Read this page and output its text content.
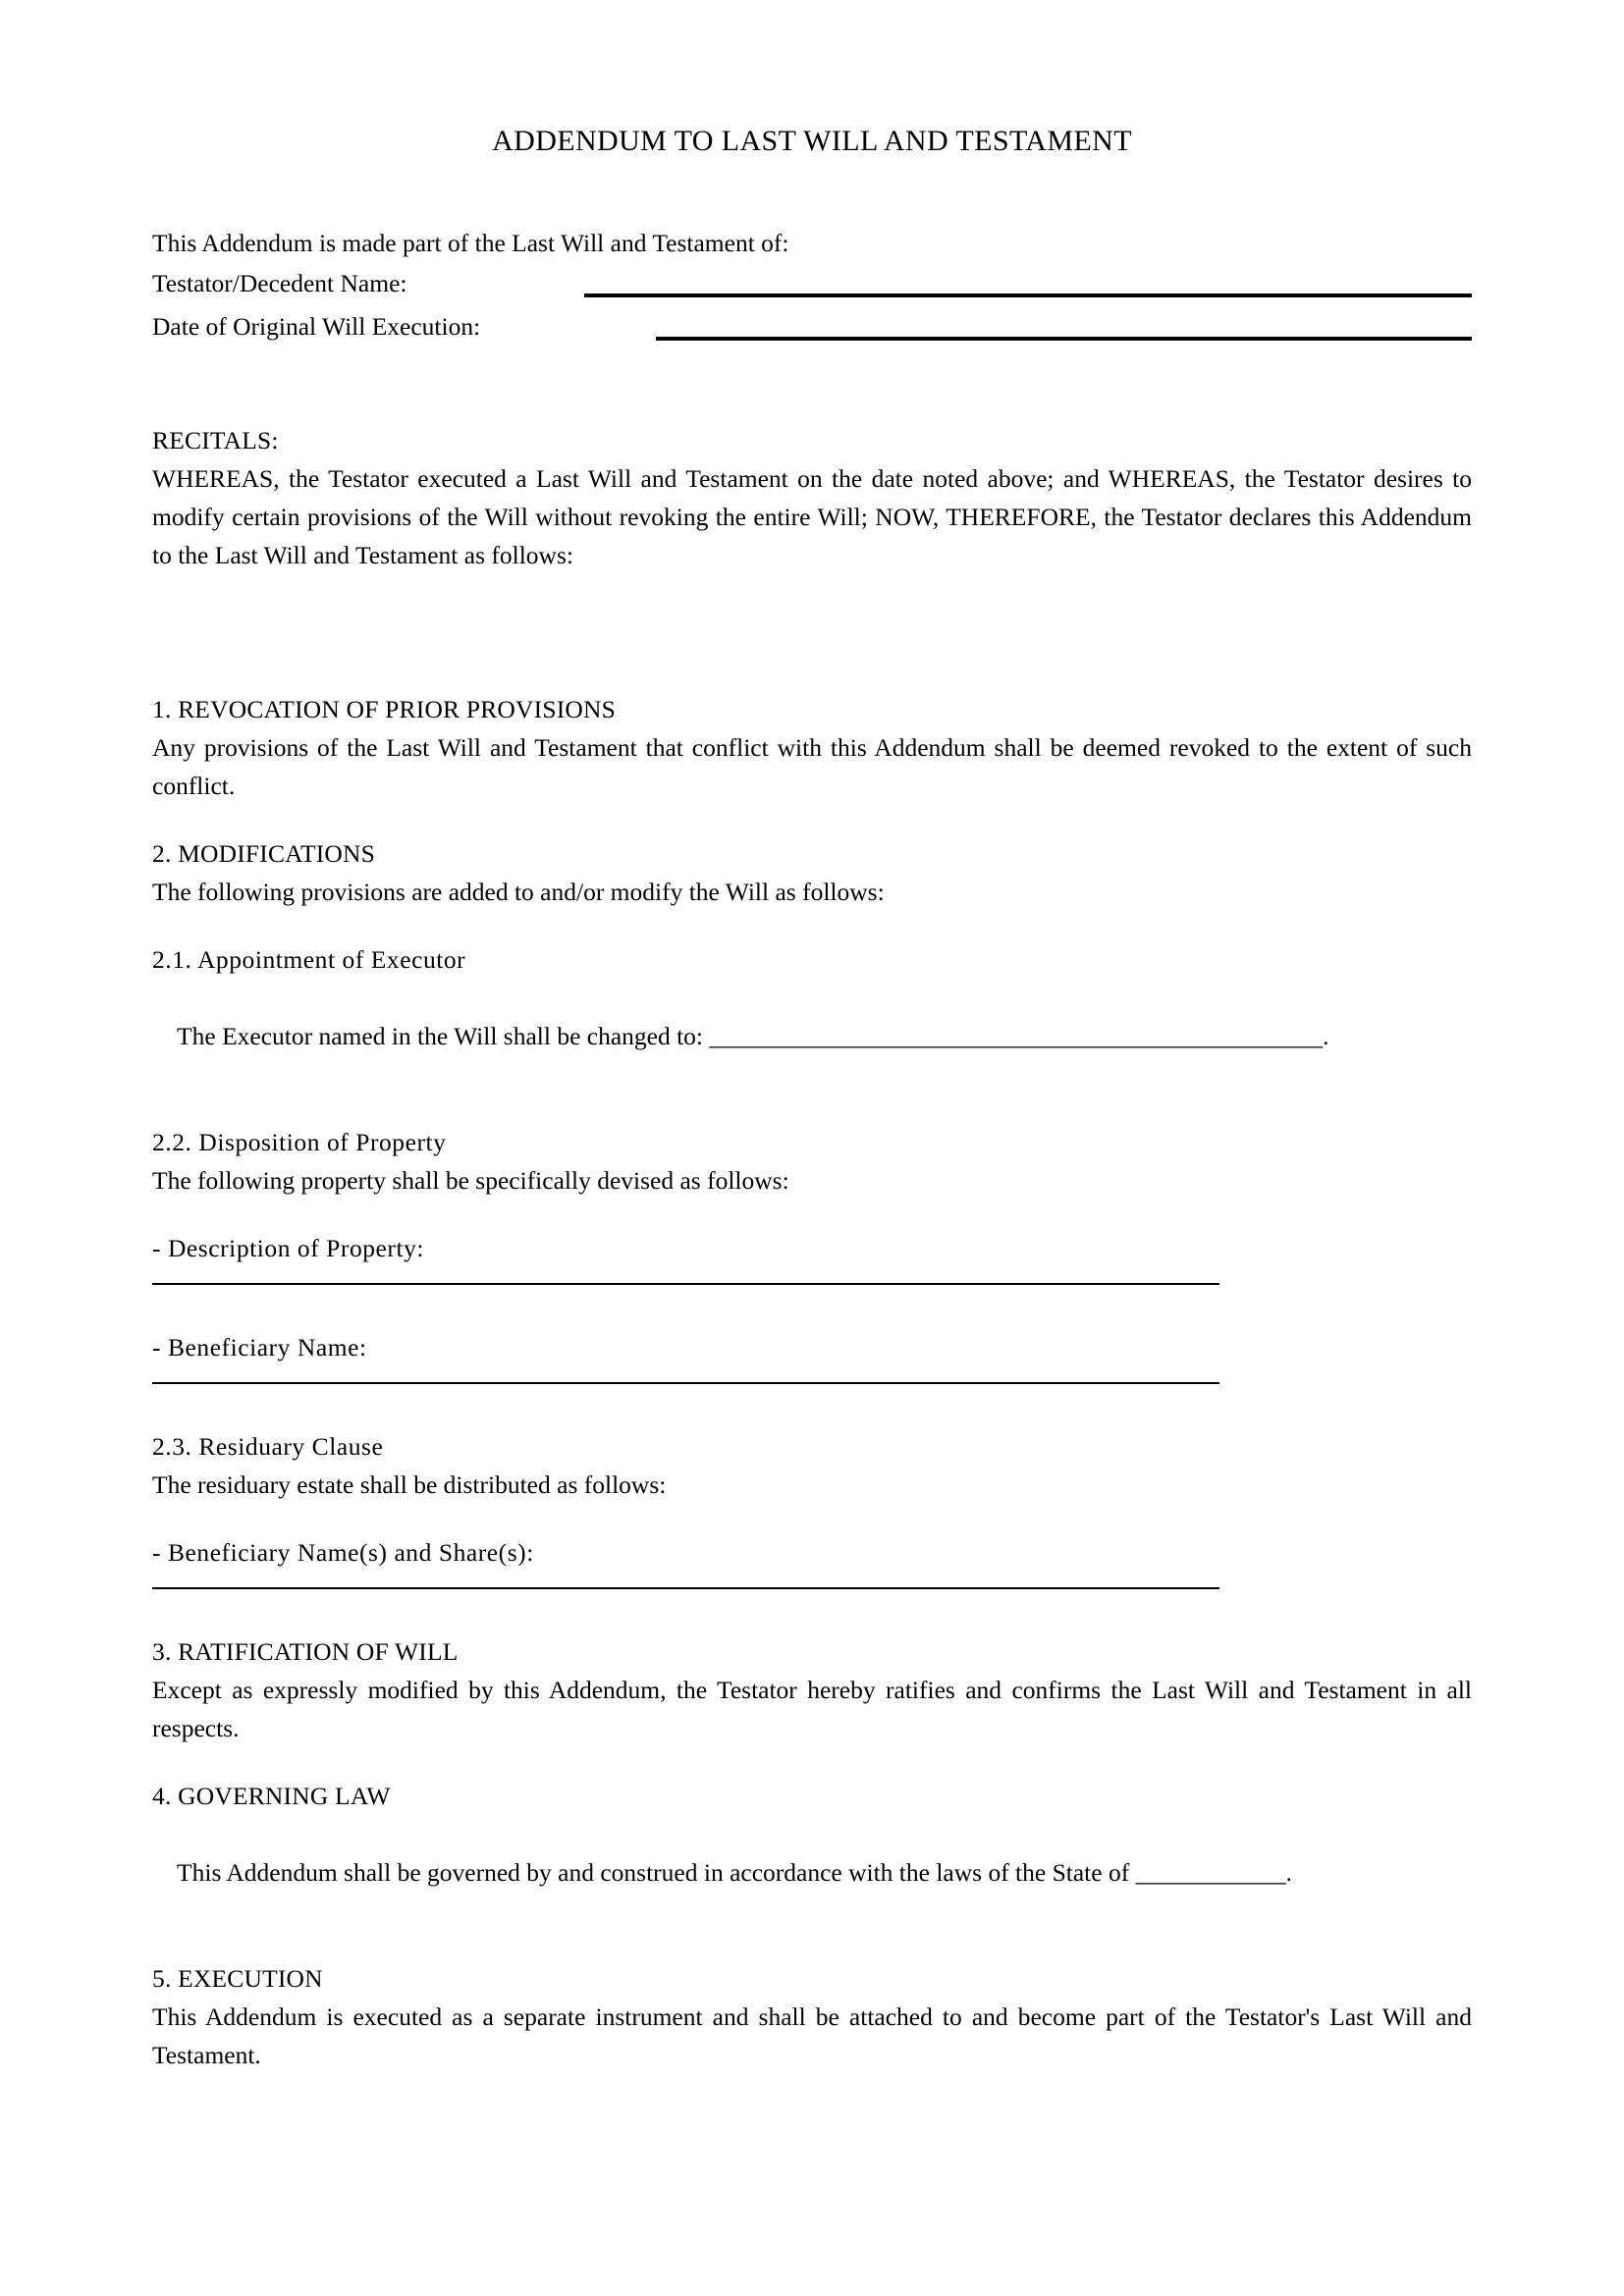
ADDENDUM TO LAST WILL AND TESTAMENT
This Addendum is made part of the Last Will and Testament of:
Testator/Decedent Name:
Date of Original Will Execution:
RECITALS:
WHEREAS, the Testator executed a Last Will and Testament on the date noted above; and WHEREAS, the Testator desires to modify certain provisions of the Will without revoking the entire Will; NOW, THEREFORE, the Testator declares this Addendum to the Last Will and Testament as follows:
1. REVOCATION OF PRIOR PROVISIONS
Any provisions of the Last Will and Testament that conflict with this Addendum shall be deemed revoked to the extent of such conflict.
2. MODIFICATIONS
The following provisions are added to and/or modify the Will as follows:
2.1. Appointment of Executor

The Executor named in the Will shall be changed to: _________________________________________________.

2.2. Disposition of Property
The following property shall be specifically devised as follows:
- Description of Property:
- Beneficiary Name:
2.3. Residuary Clause
The residuary estate shall be distributed as follows:
- Beneficiary Name(s) and Share(s):
3. RATIFICATION OF WILL
Except as expressly modified by this Addendum, the Testator hereby ratifies and confirms the Last Will and Testament in all respects.
4. GOVERNING LAW

This Addendum shall be governed by and construed in accordance with the laws of the State of ____________.

5. EXECUTION
This Addendum is executed as a separate instrument and shall be attached to and become part of the Testator's Last Will and Testament.
